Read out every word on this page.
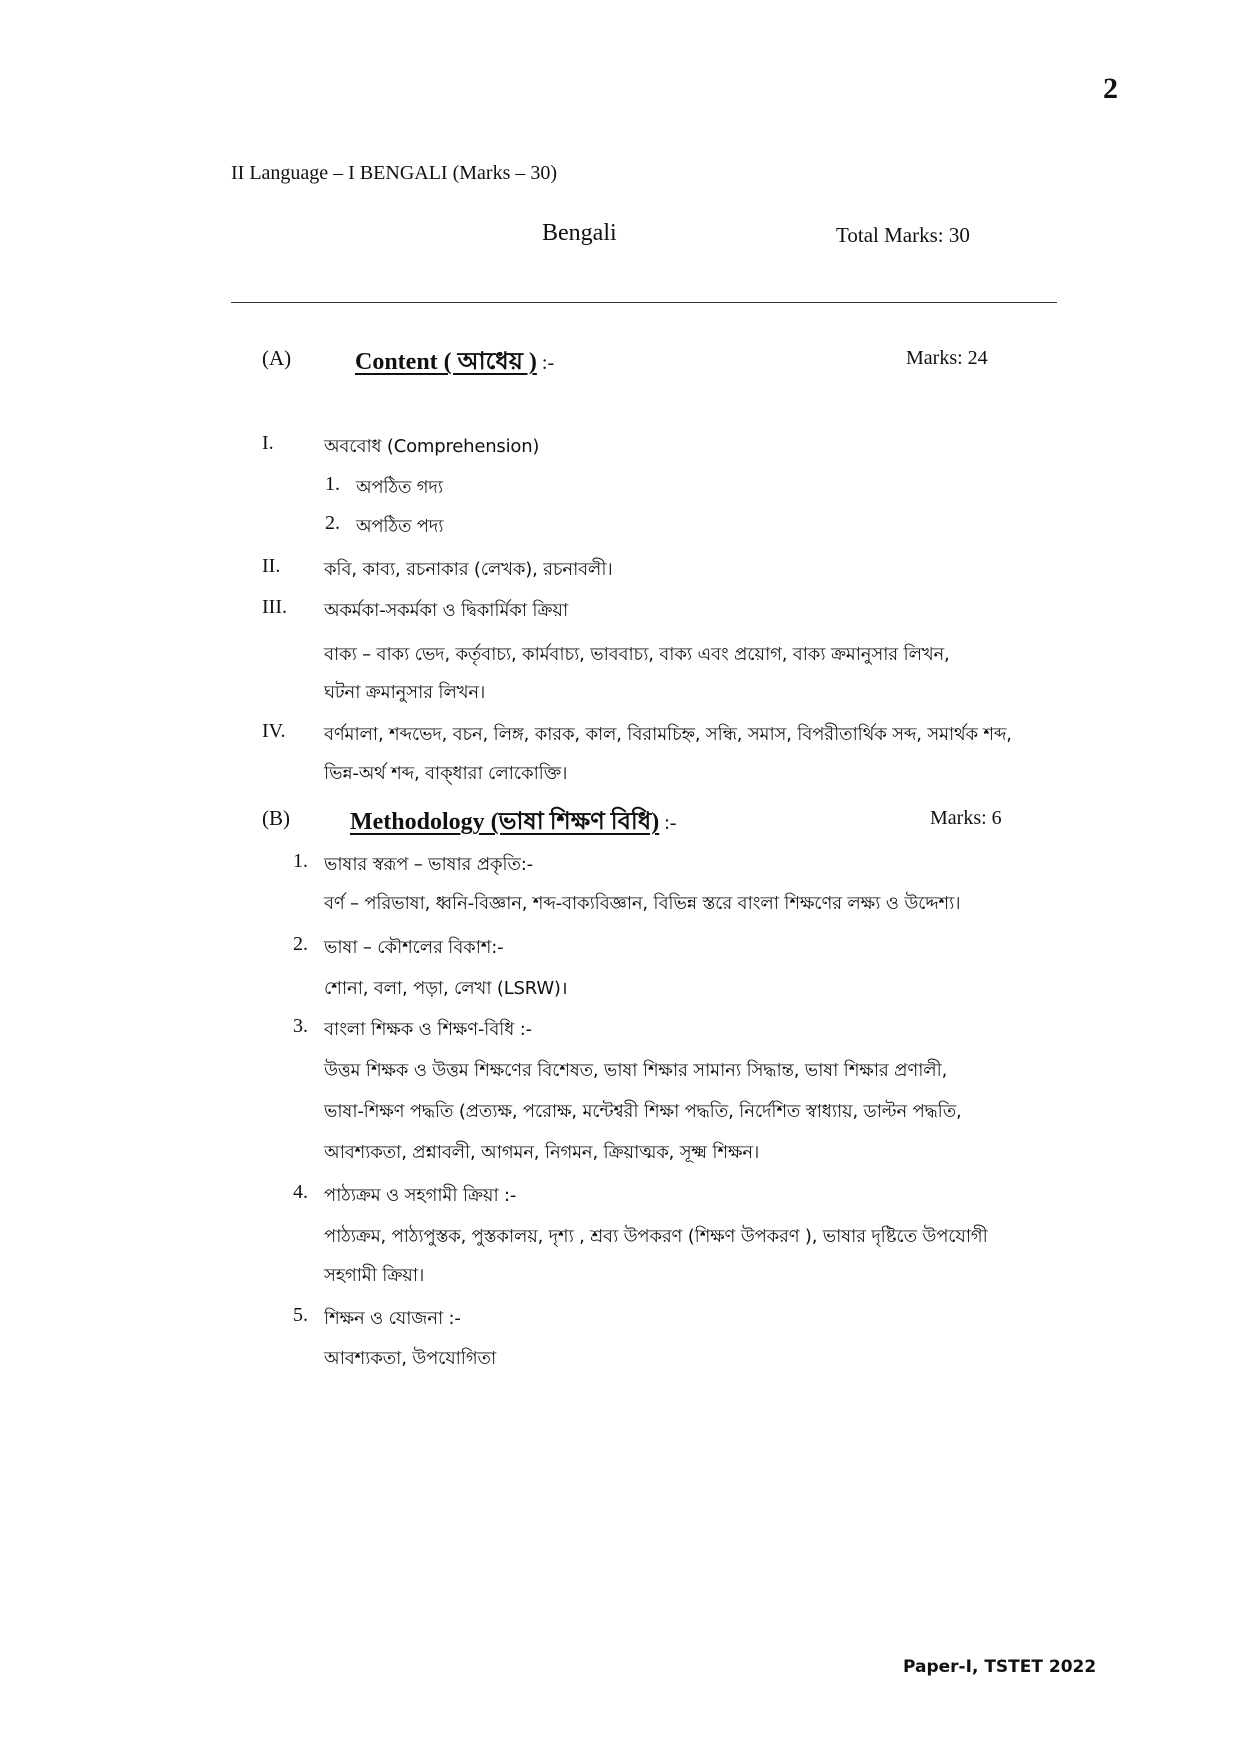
2
II Language – I BENGALI (Marks – 30)
Bengali	Total Marks: 30
(A)	Content ( আধেয় ) :-	Marks: 24
I.	অববোধ (Comprehension)
1. অপঠিত গদ্য
2. অপঠিত পদ্য
II. কবি, কাব্য, রচনাকার (লেখক), রচনাবলী।
III. অকর্মকা-সকর্মকা ও দ্বিকার্মিকা ক্রিয়া
বাক্য – বাক্য ভেদ, কর্তৃবাচ্য, কার্মবাচ্য, ভাববাচ্য, বাক্য এবং প্রয়োগ, বাক্য ক্রমানুসার লিখন,
ঘটনা ক্রমানুসার লিখন।
IV. বর্ণমালা, শব্দভেদ, বচন, লিঙ্গ, কারক, কাল, বিরামচিহ্ন, সন্ধি, সমাস, বিপরীতার্থিক সব্দ, সমার্থক শব্দ,
ভিন্ন-অর্থ শব্দ, বাক্ধারা লোকোক্তি।
(B)	Methodology (ভাষা শিক্ষণ বিধি) :-	Marks: 6
1. ভাষার স্বরূপ – ভাষার প্রকৃতি:-
বর্ণ – পরিভাষা, ধ্বনি-বিজ্ঞান, শব্দ-বাক্যবিজ্ঞান, বিভিন্ন স্তরে বাংলা শিক্ষণের লক্ষ্য ও উদ্দেশ্য।
2. ভাষা – কৌশলের বিকাশ:-
শোনা, বলা, পড়া, লেখা (LSRW)।
3. বাংলা শিক্ষক ও শিক্ষণ-বিধি :-
উত্তম শিক্ষক ও উত্তম শিক্ষণের বিশেষত, ভাষা শিক্ষার সামান্য সিদ্ধান্ত, ভাষা শিক্ষার প্রণালী,
ভাষা-শিক্ষণ পদ্ধতি (প্রত্যক্ষ, পরোক্ষ, মন্টেশ্বরী শিক্ষা পদ্ধতি, নির্দেশিত স্বাধ্যায়, ডাল্টন পদ্ধতি,
আবশ্যকতা, প্রশ্নাবলী, আগমন, নিগমন, ক্রিয়াত্মক, সূক্ষ্ম শিক্ষন।
4. পাঠ্যক্রম ও সহগামী ক্রিয়া :-
পাঠ্যক্রম, পাঠ্যপুস্তক, পুস্তকালয়, দৃশ্য , শ্রব্য উপকরণ (শিক্ষণ উপকরণ ), ভাষার দৃষ্টিতে উপযোগী
সহগামী ক্রিয়া।
5. শিক্ষন ও যোজনা :-
আবশ্যকতা, উপযোগিতা
Paper-I, TSTET 2022
